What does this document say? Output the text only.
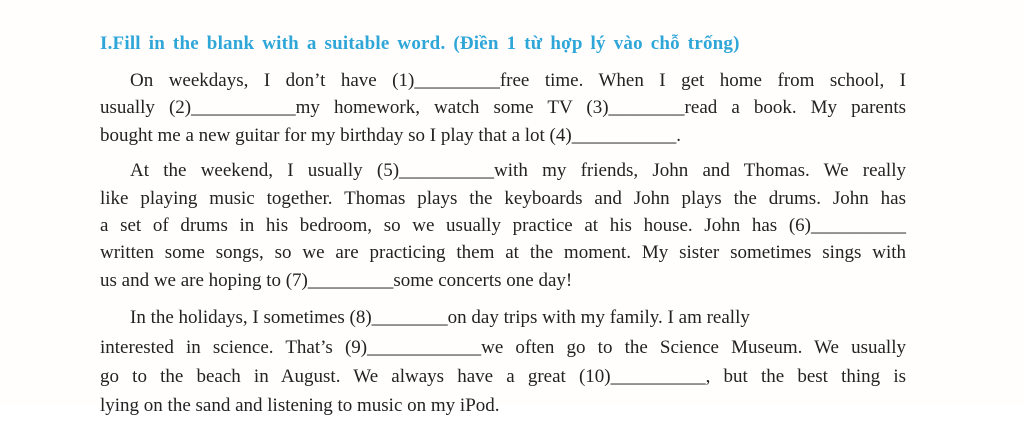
I.Fill in the blank with a suitable word. (Điền 1 từ hợp lý vào chỗ trống)
On weekdays, I don’t have (1)_________free time. When I get home from school, I
usually (2)___________my homework, watch some TV (3)________read a book. My parents
bought me a new guitar for my birthday so I play that a lot (4)___________.
At the weekend, I usually (5)__________with my friends, John and Thomas. We really
like playing music together. Thomas plays the keyboards and John plays the drums. John has
a set of drums in his bedroom, so we usually practice at his house. John has (6)__________
written some songs, so we are practicing them at the moment. My sister sometimes sings with
us and we are hoping to (7)_________some concerts one day!
In the holidays, I sometimes (8)________on day trips with my family. I am really
interested in science. That’s (9)____________we often go to the Science Museum. We usually
go to the beach in August. We always have a great (10)__________, but the best thing is
lying on the sand and listening to music on my iPod.
